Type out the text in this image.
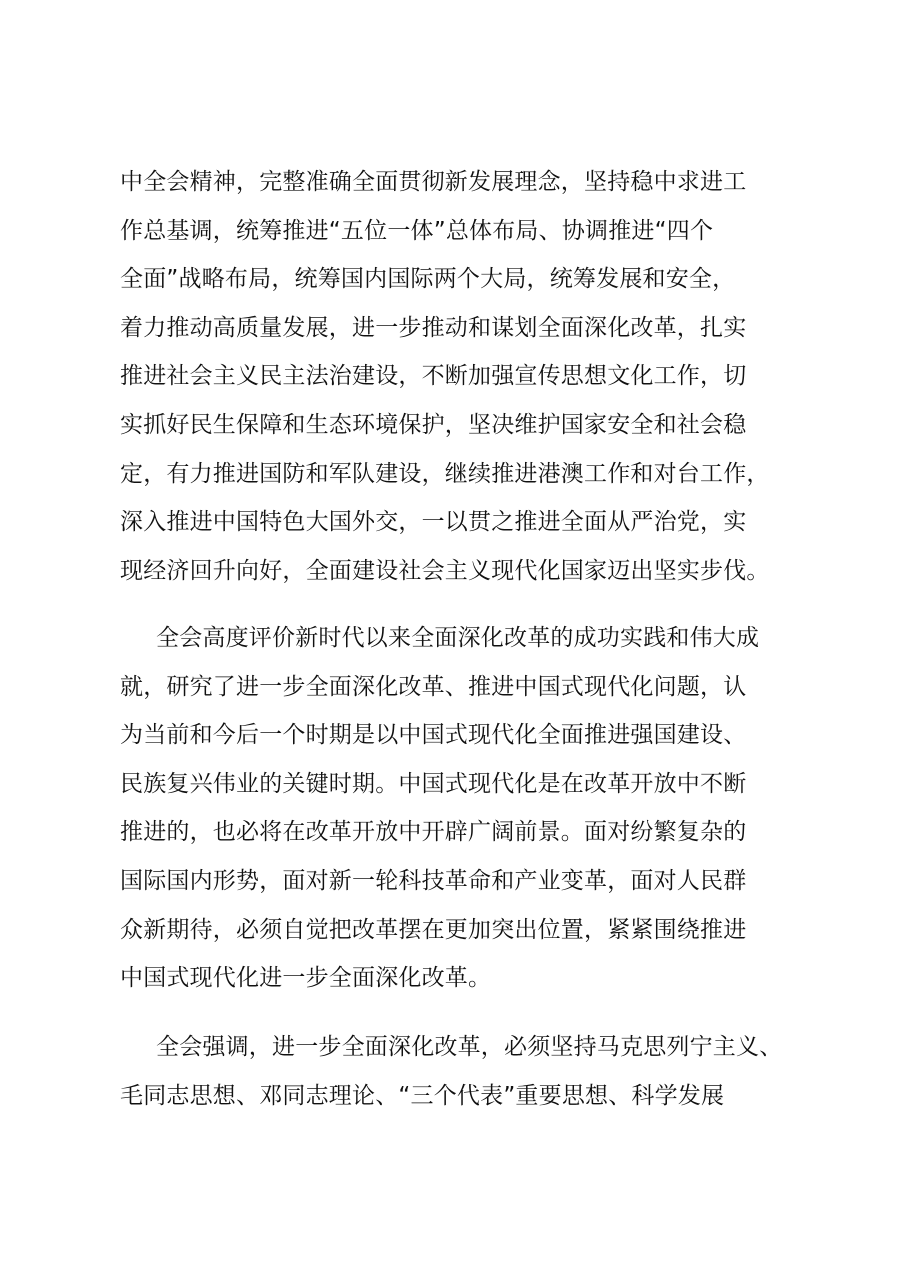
中全会精神，完整准确全面贯彻新发展理念，坚持稳中求进工
作总基调，统筹推进“五位一体”总体布局、协调推进“四个
全面”战略布局，统筹国内国际两个大局，统筹发展和安全，
着力推动高质量发展，进一步推动和谋划全面深化改革，扎实
推进社会主义民主法治建设，不断加强宣传思想文化工作，切
实抓好民生保障和生态环境保护，坚决维护国家安全和社会稳
定，有力推进国防和军队建设，继续推进港澳工作和对台工作，
深入推进中国特色大国外交，一以贯之推进全面从严治党，实
现经济回升向好，全面建设社会主义现代化国家迈出坚实步伐。
全会高度评价新时代以来全面深化改革的成功实践和伟大成
就，研究了进一步全面深化改革、推进中国式现代化问题，认
为当前和今后一个时期是以中国式现代化全面推进强国建设、
民族复兴伟业的关键时期。中国式现代化是在改革开放中不断
推进的，也必将在改革开放中开辟广阔前景。面对纷繁复杂的
国际国内形势，面对新一轮科技革命和产业变革，面对人民群
众新期待，必须自觉把改革摆在更加突出位置，紧紧围绕推进
中国式现代化进一步全面深化改革。
全会强调，进一步全面深化改革，必须坚持马克思列宁主义、
毛同志思想、邓同志理论、“三个代表”重要思想、科学发展
